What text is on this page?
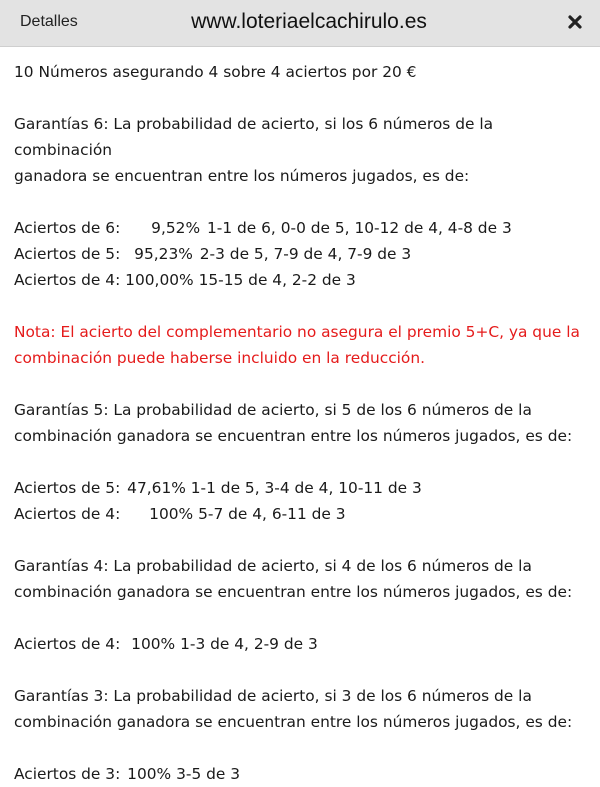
Detalles	www.loteriaelcachirulo.es

10 Números asegurando 4 sobre 4 aciertos por 20 €

Garantías 6: La probabilidad de acierto, si los 6 números de la combinación

ganadora se encuentran entre los números jugados, es de:

Aciertos de 6: 9,52% 1-1 de 6, 0-0 de 5, 10-12 de 4, 4-8 de 3

Aciertos de 5: 95,23% 2-3 de 5, 7-9 de 4, 7-9 de 3

Aciertos de 4: 100,00% 15-15 de 4, 2-2 de 3

Nota: El acierto del complementario no asegura el premio 5+C, ya que la

combinación puede haberse incluido en la reducción.

Garantías 5: La probabilidad de acierto, si 5 de los 6 números de la

combinación ganadora se encuentran entre los números jugados, es de:

Aciertos de 5: 47,61% 1-1 de 5, 3-4 de 4, 10-11 de 3

Aciertos de 4: 100% 5-7 de 4, 6-11 de 3

Garantías 4: La probabilidad de acierto, si 4 de los 6 números de la

combinación ganadora se encuentran entre los números jugados, es de:

Aciertos de 4: 100% 1-3 de 4, 2-9 de 3

Garantías 3: La probabilidad de acierto, si 3 de los 6 números de la

combinación ganadora se encuentran entre los números jugados, es de:

Aciertos de 3: 100% 3-5 de 3
